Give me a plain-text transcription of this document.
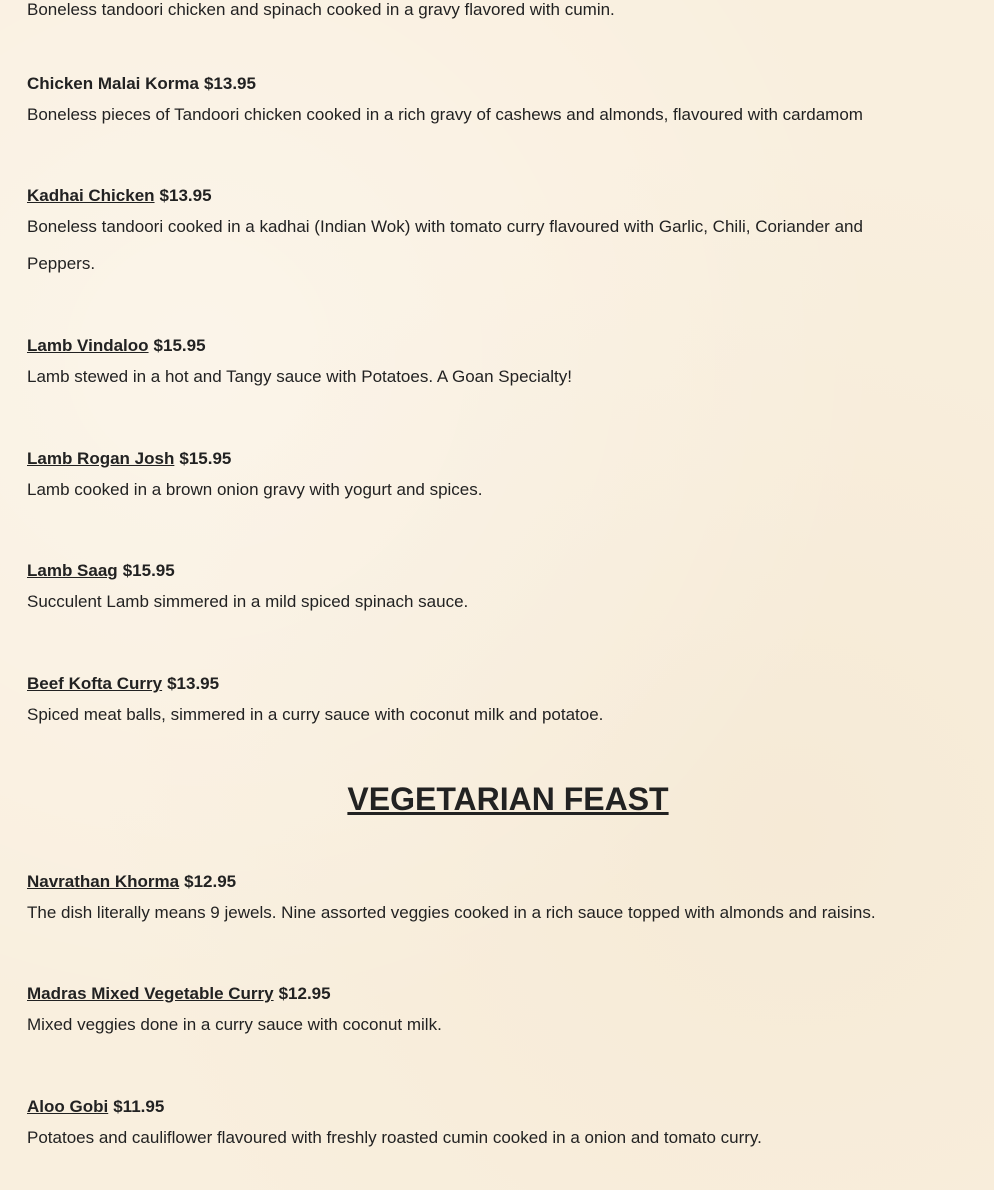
Boneless tandoori chicken and spinach cooked in a gravy flavored with cumin.
Chicken Malai Korma $13.95
Boneless pieces of Tandoori chicken cooked in a rich gravy of cashews and almonds, flavoured with cardamom
Kadhai Chicken $13.95
Boneless tandoori cooked in a kadhai (Indian Wok) with tomato curry flavoured with Garlic, Chili, Coriander and Peppers.
Lamb Vindaloo $15.95
Lamb stewed in a hot and Tangy sauce with Potatoes. A Goan Specialty!
Lamb Rogan Josh $15.95
Lamb cooked in a brown onion gravy with yogurt and spices.
Lamb Saag $15.95
Succulent Lamb simmered in a mild spiced spinach sauce.
Beef Kofta Curry $13.95
Spiced meat balls, simmered in a curry sauce with coconut milk and potatoe.
VEGETARIAN FEAST
Navrathan Khorma $12.95
The dish literally means 9 jewels. Nine assorted veggies cooked in a rich sauce topped with almonds and raisins.
Madras Mixed Vegetable Curry $12.95
Mixed veggies done in a curry sauce with coconut milk.
Aloo Gobi $11.95
Potatoes and cauliflower flavoured with freshly roasted cumin cooked in a onion and tomato curry.
